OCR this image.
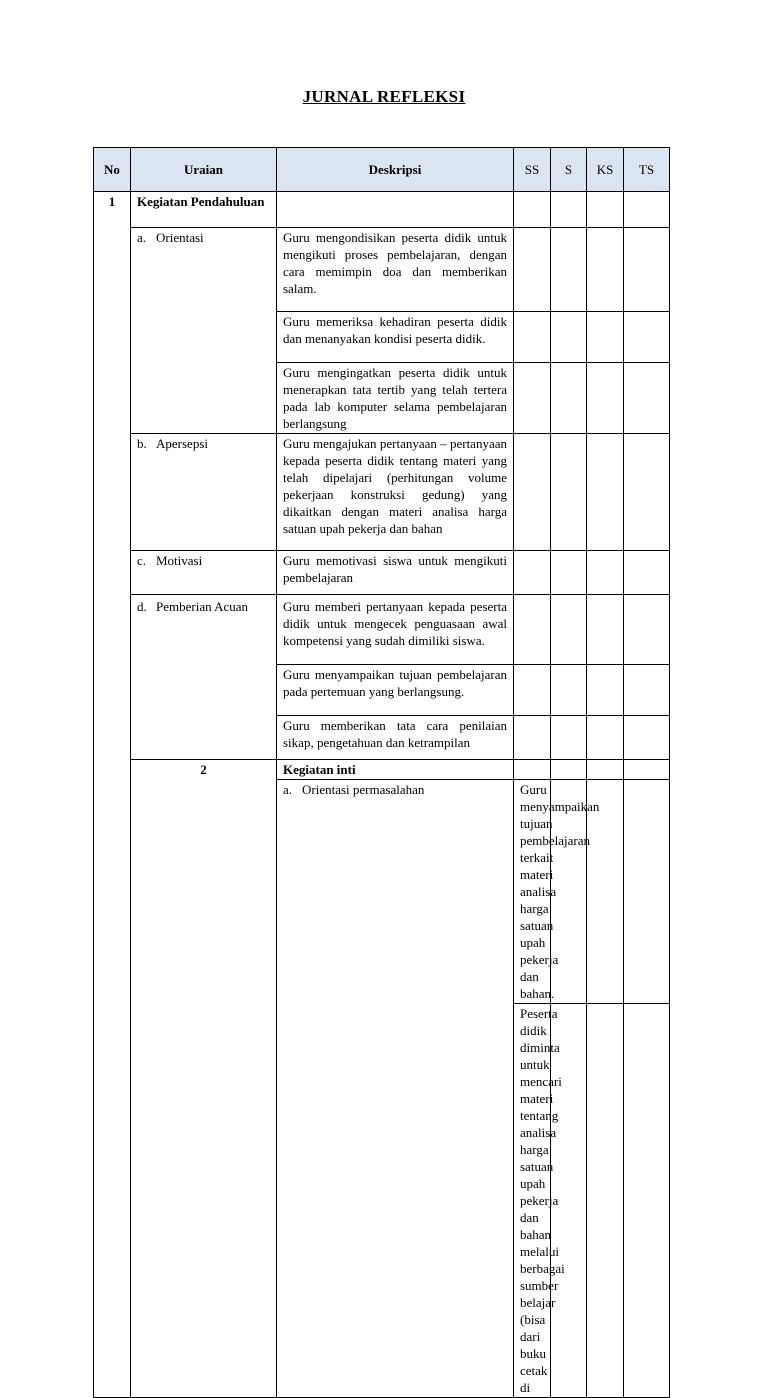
JURNAL REFLEKSI
No	Uraian	Deskripsi	SS	S	KS	TS	
1	Kegiatan Pendahuluan						

	a. Orientasi	Guru mengondisikan peserta didik untuk mengikuti proses pembelajaran, dengan cara memimpin doa dan memberikan salam.					
		Guru memeriksa kehadiran peserta didik dan menanyakan kondisi peserta didik.					
		Guru mengingatkan peserta didik untuk menerapkan tata tertib yang telah tertera pada lab komputer selama pembelajaran berlangsung					

	b. Apersepsi	Guru mengajukan pertanyaan – pertanyaan kepada peserta didik tentang materi yang telah dipelajari (perhitungan volume pekerjaan konstruksi gedung) yang dikaitkan dengan materi analisa harga satuan upah pekerja dan bahan					

	c. Motivasi	Guru memotivasi siswa untuk mengikuti pembelajaran					

	d. Pemberian Acuan	Guru memberi pertanyaan kepada peserta didik untuk mengecek penguasaan awal kompetensi yang sudah dimiliki siswa.					
		Guru menyampaikan tujuan pembelajaran pada pertemuan yang berlangsung.					
		Guru memberikan tata cara penilaian sikap, pengetahuan dan ketrampilan					
	2	Kegiatan inti					

		a. Orientasi permasalahan	Guru menyampaikan tujuan pembelajaran terkait materi analisa harga satuan upah pekerja dan bahan.				
			Peserta didik diminta untuk mencari materi tentang analisa harga satuan upah pekerja dan bahan melalui berbagai sumber belajar (bisa dari buku cetak di				
